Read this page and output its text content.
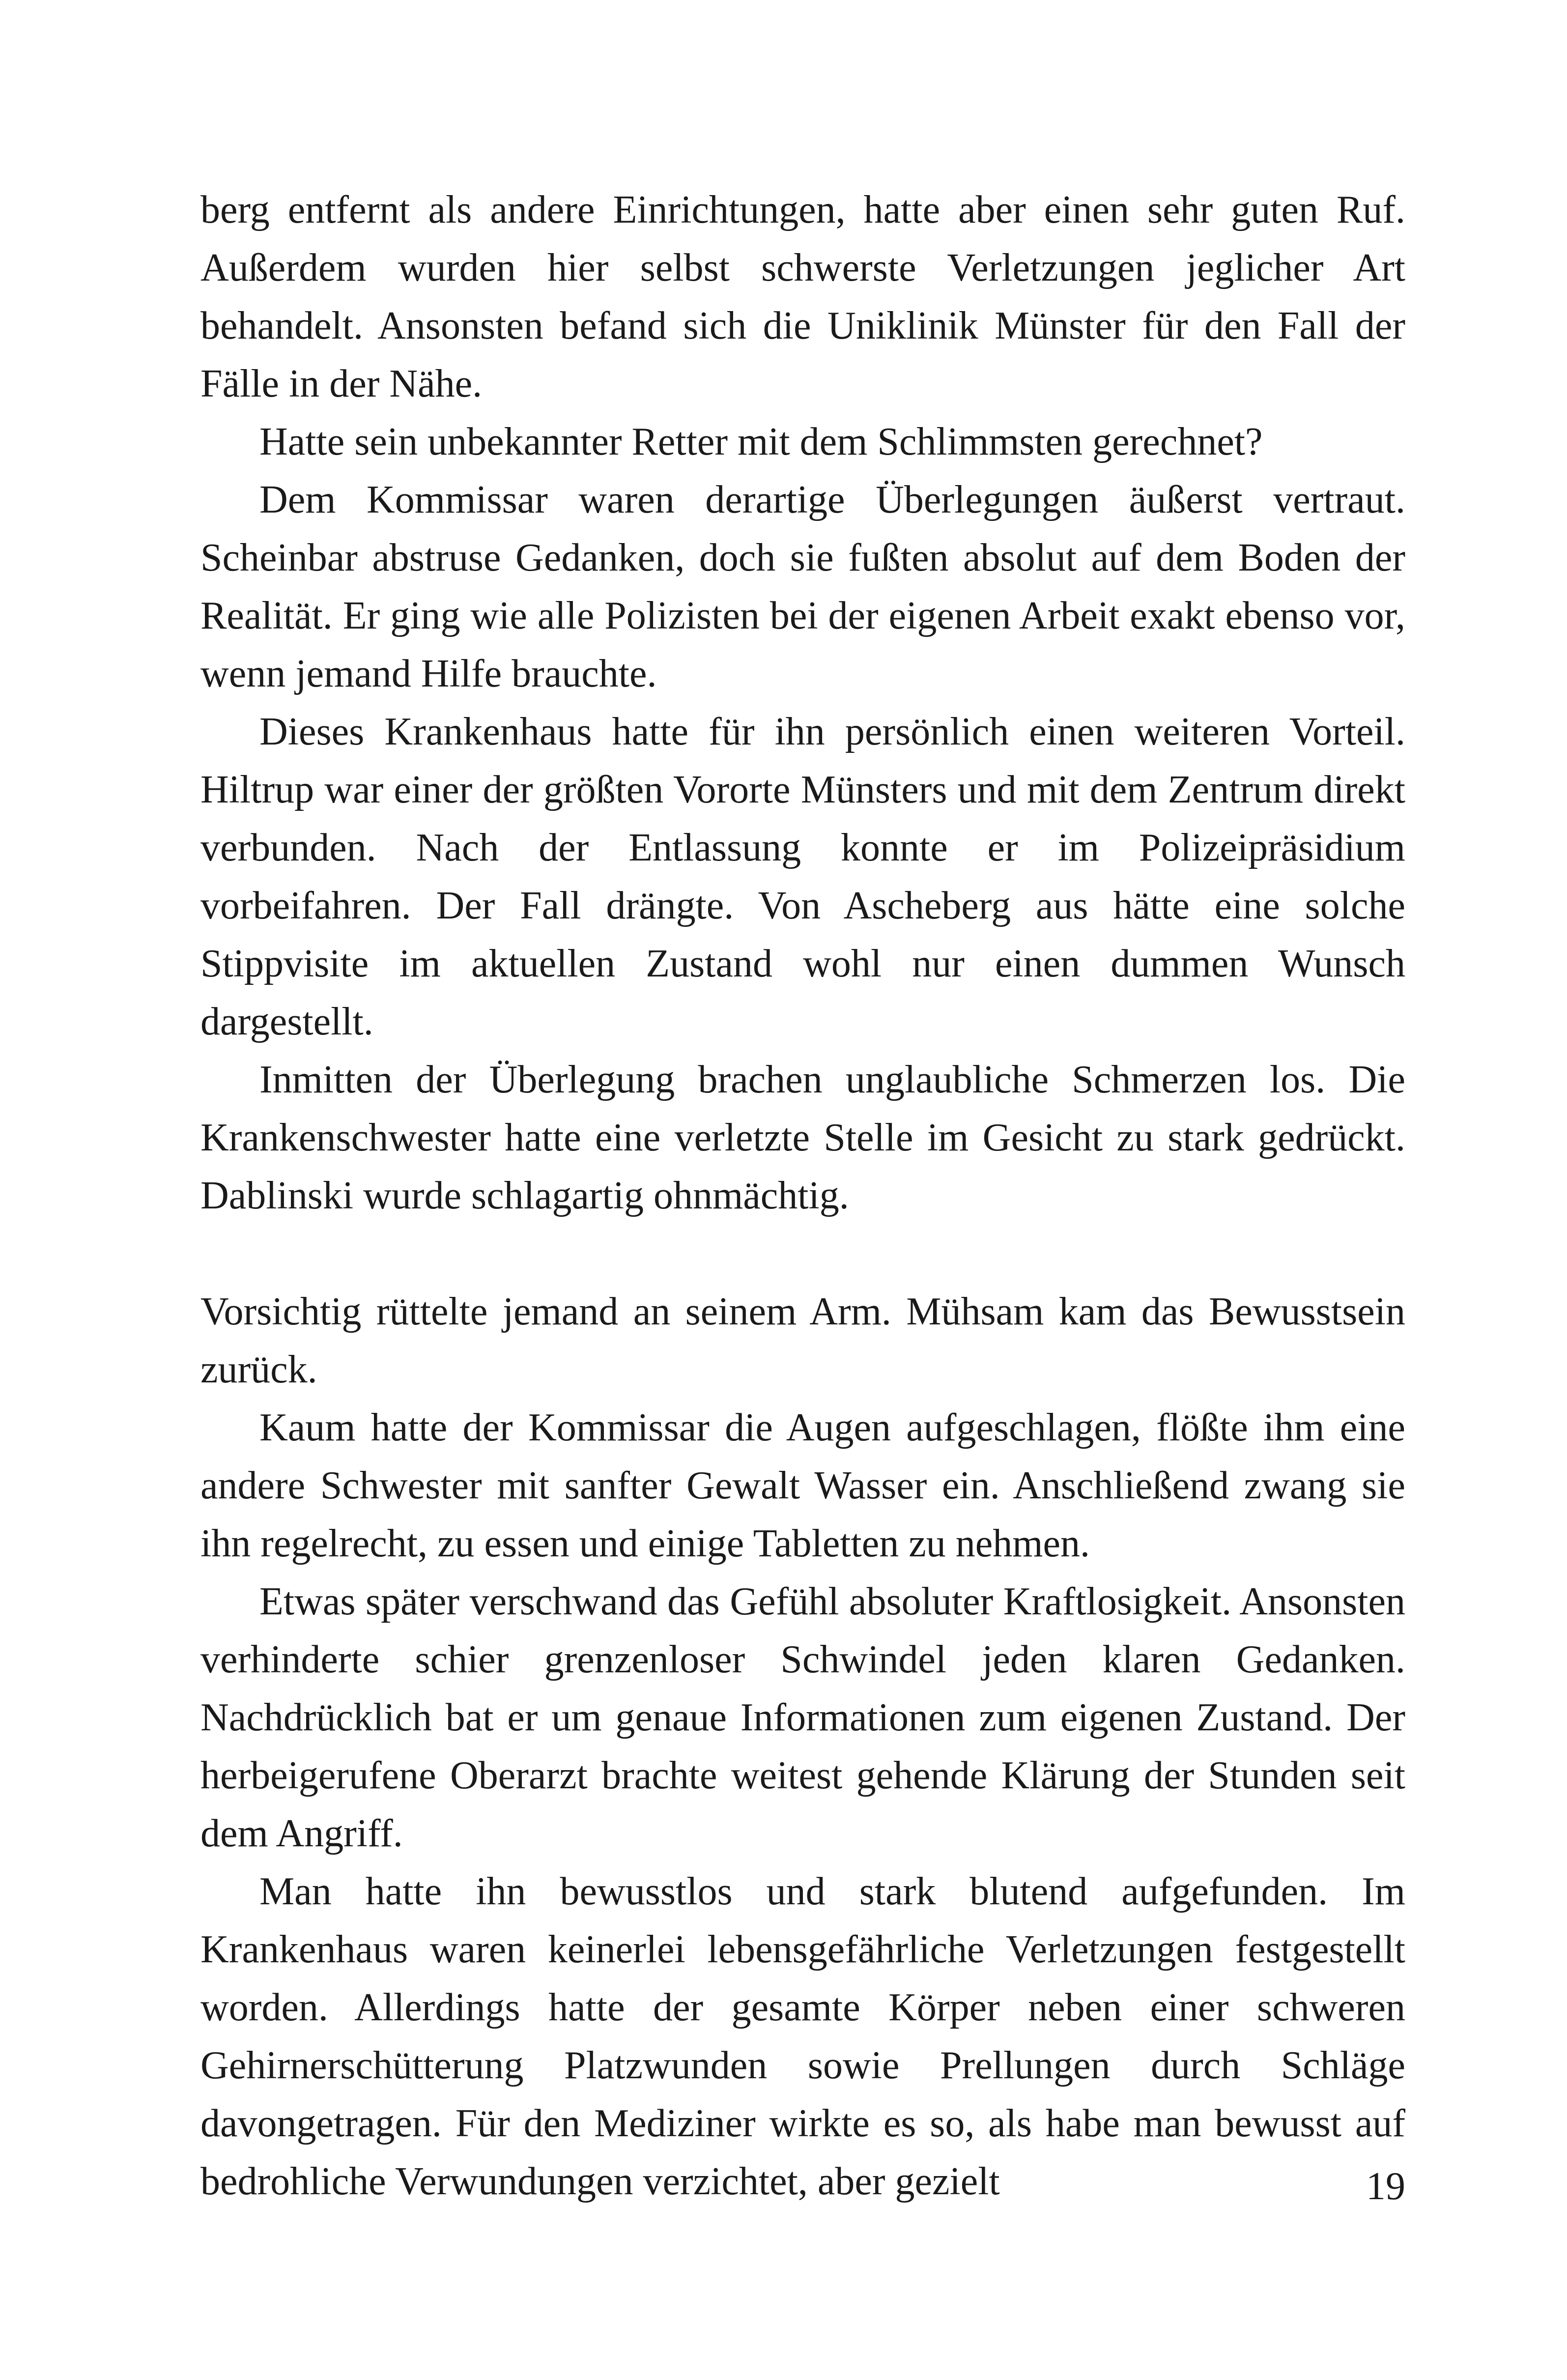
berg entfernt als andere Einrichtungen, hatte aber einen sehr guten Ruf. Außerdem wurden hier selbst schwerste Verletzungen jeglicher Art behandelt. Ansonsten befand sich die Uniklinik Münster für den Fall der Fälle in der Nähe.

Hatte sein unbekannter Retter mit dem Schlimmsten gerechnet?

Dem Kommissar waren derartige Überlegungen äußerst vertraut. Scheinbar abstruse Gedanken, doch sie fußten absolut auf dem Boden der Realität. Er ging wie alle Polizisten bei der eigenen Arbeit exakt ebenso vor, wenn jemand Hilfe brauchte.

Dieses Krankenhaus hatte für ihn persönlich einen weiteren Vorteil. Hiltrup war einer der größten Vororte Münsters und mit dem Zentrum direkt verbunden. Nach der Entlassung konnte er im Polizeipräsidium vorbeifahren. Der Fall drängte. Von Ascheberg aus hätte eine solche Stippvisite im aktuellen Zustand wohl nur einen dummen Wunsch dargestellt.

Inmitten der Überlegung brachen unglaubliche Schmerzen los. Die Krankenschwester hatte eine verletzte Stelle im Gesicht zu stark gedrückt. Dablinski wurde schlagartig ohnmächtig.

Vorsichtig rüttelte jemand an seinem Arm. Mühsam kam das Bewusstsein zurück.

Kaum hatte der Kommissar die Augen aufgeschlagen, flößte ihm eine andere Schwester mit sanfter Gewalt Wasser ein. Anschließend zwang sie ihn regelrecht, zu essen und einige Tabletten zu nehmen.

Etwas später verschwand das Gefühl absoluter Kraftlosigkeit. Ansonsten verhinderte schier grenzenloser Schwindel jeden klaren Gedanken. Nachdrücklich bat er um genaue Informationen zum eigenen Zustand. Der herbeigerufene Oberarzt brachte weitest gehende Klärung der Stunden seit dem Angriff.

Man hatte ihn bewusstlos und stark blutend aufgefunden. Im Krankenhaus waren keinerlei lebensgefährliche Verletzungen festgestellt worden. Allerdings hatte der gesamte Körper neben einer schweren Gehirnerschütterung Platzwunden sowie Prellungen durch Schläge davongetragen. Für den Mediziner wirkte es so, als habe man bewusst auf bedrohliche Verwundungen verzichtet, aber gezielt	19
